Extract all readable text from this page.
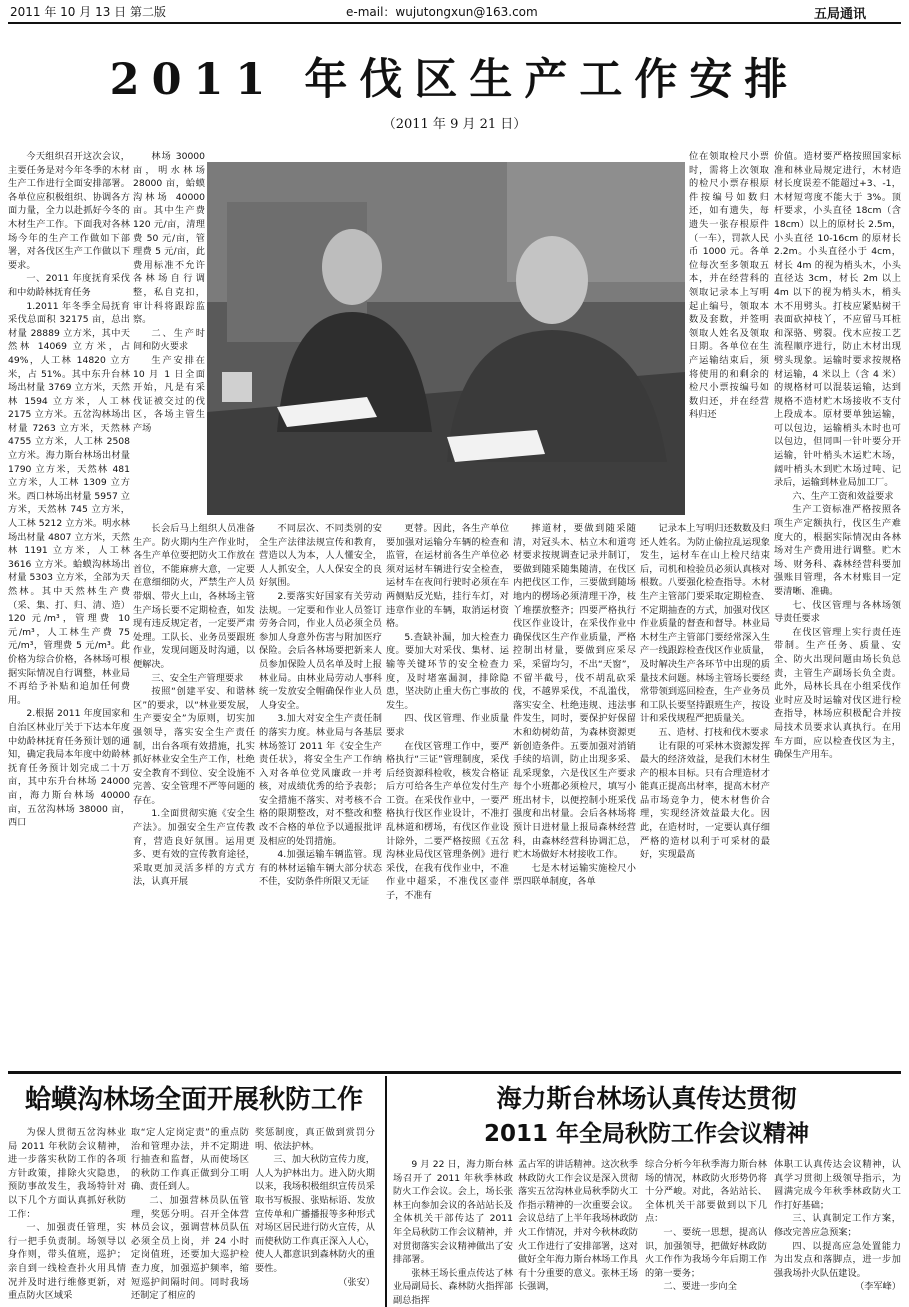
2011 年 10 月 13 日 第二版	e-mail：wujutongxun@163.com	五局通讯
2011 年伐区生产工作安排
（2011 年 9 月 21 日）

今天组织召开这次会议，主要任务是对今年冬季的木材生产工作进行全面安排部署。各单位应积极组织、协调各方面力量，全力以赴抓好今冬的木材生产工作。下面我对各林场今年的生产工作做如下部署，对各伐区生产工作做以下要求。

一、2011 年度抚育采伐和中幼龄林抚育任务

1.2011 年冬季全局抚育采伐总面积 32175 亩，总出材量 28889 立方米，其中天然林 14069 立方米，占 49%，人工林 14820 立方米，占 51%。其中东升台林场出材量 3769 立方米，天然林 1594 立方米，人工林 2175 立方米。五岔沟林场出材量 7263 立方米，天然林 4755 立方米，人工林 2508 立方米。海力斯台林场出材量 1790 立方米，天然林 481 立方米，人工林 1309 立方米。西口林场出材量 5957 立方米，天然林 745 立方米，人工林 5212 立方米。明水林场出材量 4807 立方米，天然林 1191 立方米，人工林 3616 立方米。蛤蟆沟林场出材量 5303 立方米，全部为天然林。其中天然林生产费（采、集、打、归、清、造）120 元/m³，管理费 10 元/m³，人工林生产费 75 元/m³，管理费 5 元/m³。此价格为综合价格，各林场可根据实际情况自行调整，林业局不再给予补贴和追加任何费用。

2.根据 2011 年度国家和自治区林业厅关于下达本年度中幼龄林抚育任务预计划的通知，确定我局本年度中幼龄林抚育任务预计划完成二十万亩，其中东升台林场 24000 亩，海力斯台林场 40000 亩，五岔沟林场 38000 亩，西口

林场 30000 亩，明水林场 28000 亩，蛤蟆沟林场 40000 亩。其中生产费 120 元/亩，清理费 50 元/亩，管理费 5 元/亩，此费用标准不允许各林场自行调整，私自克扣，审计科将跟踪监察。

二、生产时间和防火要求

生产安排在 10 月 1 日全面开始，凡是有采伐证被交过的伐区，各场主管生产场

长会后马上组织人员准备生产。防火期内生产作业时，各生产单位要把防火工作放在首位，不能麻痹大意，一定要在意细细防火，严禁生产人员带烟、带火上山，各林场主管生产场长要不定期检查，如发现有违反规定者，一定要严肃处理。工队长、业务员要跟班作业，发现问题及时沟通，以便解决。

三、安全生产管理要求

按照“创建平安、和谐林区”的要求，以“林业要发展，生产要安全”为原则，切实加强领导，落实安全生产责任制，出台各项有效措施，扎实抓好林业安全生产工作，杜绝安全教育不到位、安全设施不完善、安全管理不严等问题的存在。

1.全面贯彻实施《安全生产法》。加强安全生产宣传教育，营造良好氛围。运用更多、更有效的宣传教育途径，采取更加灵活多样的方式方法，认真开展

不同层次、不同类别的安全生产法律法规宣传和教育，营造以人为本，人人懂安全，人人抓安全，人人保安全的良好氛围。

2.要落实好国家有关劳动法规。一定要和作业人员签订劳务合同，作业人员必须全员参加人身意外伤害与附加医疗保险。会后各林场要把新来人员参加保险人员名单及时上报林业局。由林业局劳动人事科统一发放安全帽确保作业人员人身安全。

3.加大对安全生产责任制的落实力度。林业局与各基层林场签订 2011 年《安全生产责任状》，将安全生产工作纳入对各单位党风廉政一并考核，对成绩优秀的给予表彰；安全措施不落实、对考核不合格的限期整改，对不整改和整改不合格的单位予以通报批评及相应的处罚措施。

4.加强运输车辆监管。现有的林材运输车辆大部分状态不佳，安防条件所限又无证

更替。因此，各生产单位要加强对运输分车辆的检查和监管，在运材前各生产单位必须对运材车辆进行安全检查，运材车在夜间行驶时必须在车两侧贴反光贴，挂行车灯，对违章作业的车辆，取消运材资格。

5.查缺补漏，加大检查力度。要加大对采伐、集材、运输等关键环节的安全检查力度，及时堵塞漏洞，排除隐患，坚决防止重大伤亡事故的发生。

四、伐区管理、作业质量要求

在伐区管理工作中，要严格执行“三证”管理制度，采伐后经资源科检收，核发合格证后方可给各生产单位发付生产工资。在采伐作业中，一要严格执行伐区作业设计，不准打乱林道和楞场，有伐区作业设计除外，二要严格按照《五岔沟林业局伐区管理条例》进行采伐，在我有伐作业中，不准作业中超采，不准伐区壶伴子，不准有

摔道材，要做到随采随清，对冠头木、枯立木和道弯材要求按规调查记录并制订，要做到随采随集随清，在伐区内把伐区工作，三要做到随场地内的楞场必须清理干净，枝丫堆摆放整齐；四要严格执行伐区作业设计，在采伐作业中确保伐区生产作业质量，严格控制出材量，要做到应采尽采，采留均匀，不出“天窗”，不留半截号，伐不胡乱砍采伐，不越界采伐，不乱滥伐，落实安全、杜绝违规、违法事件发生，同时，要保护好保留木和幼树幼苗，为森林资源更新创造条件。五要加强对消销手续的培训，防止出现多采、乱采现象，六是伐区生产要求每个小班都必须检尺，填写小班出材卡，以便控制小班采伐强度和出材量。会后各林场将预计日进材量上报局森林经营科，由森林经营科协调汇总，贮木场做好木材接收工作。

七是木材运输实施检尺小票四联单制度，各单

位在领取检尺小票时，需将上次领取的检尺小票存根原件按编号如数归还，如有遗失，每遗失一张存根原件（一车），罚款人民币 1000 元。各单位每次至多领取五本，并在经营科的领取记录本上写明起止编号，领取本数及套数，并签明领取人姓名及领取日期。各单位在生产运输结束后，须将使用的和剩余的检尺小票按编号如数归还，并在经营科归还

记录本上写明归还数数及归还人姓名。为防止偷拉乱运现象发生，运材车在山上检尺结束后，司机和检验员必须认真核对根数。八要强化检查指导。木材生产主管部门要采取定期检查、不定期抽查的方式，加强对伐区作业质量的督查和督导。林业局木材生产主管部门要经常深入生产一线跟踪检查伐区作业质量，及时解决生产各环节中出现的质量技术问题。林场主管场长要经常带领到巡回检查，生产业务员和工队长要坚持跟班生产，按设计和采伐规程严把质量关。

五、造材、打枝和伐木要求

让有限的可采林木资源发挥最大的经济效益，是我们木材生产的根本目标。只有合理造材才能真正提高出材率，提高木材产品市场竞争力，使木材售价合理，实现经济效益最大化。因此，在造材时，一定要认真仔细严格的造材以利于可采材的最好，实现最高

价值。造材要严格按照国家标准和林业局规定进行，木材造材长度误差不能超过+3、-1，木材短弯度不能大于 3%。顶杆要求，小头直径 18cm（含 18cm）以上的原材长 2.5m，小头直径 10-16cm 的原材长 2.2m。小头直径小于 4cm，材长 4m 的视为梢头木，小头直径达 3cm，材长 2m 以上 4m 以下的视为梢头木，梢头木不用劈头。打枝应紧贴树干表面砍掉枝丫，不应留马耳桩和深骆、劈裂。伐木应按工艺流程顺序进行，防止木材出现劈头现象。运输时要求按规格材运输，4 米以上（含 4 米）的规格材可以混装运输，达到规格不造材贮木场接收不支付上段成本。原材要单独运输，可以包边，运输梢头木时也可以包边，但同叫一针叶要分开运输，针叶梢头木运贮木场，阔叶梢头木到贮木场过吨、记录后，运输到林业局加工厂。

六、生产工资和效益要求

生产工资标准严格按照各项生产定额执行，伐区生产难度大的，根据实际情况由各林场对生产费用进行调整。贮木场、财务科、森林经营科要加强账目管理，各木材账目一定要清晰、准确。

七、伐区管理与各林场领导责任要求

在伐区管理上实行责任连带制。生产任务、质量、安全、防火出现问题由场长负总责，主管生产副场长负全责。此外，局林长具在小组采伐作业时应及时运输对伐区进行检查指导，林场应积极配合并按局技术员要求认真执行。在用车方面，应以检查伐区为主，确保生产用车。

蛤蟆沟林场全面开展秋防工作

为保人贯彻五岔沟林业局 2011 年秋防会议精神，进一步落实秋防工作的各项方针政策，排除火灾隐患，预防事故发生，我场特针对以下几个方面认真抓好秋防工作：

一、加强责任管理，实行一把手负责制。场领导以身作则，带头值班，巡护；亲自到一线检查扑火用具情况并及时进行维修更新，对重点防火区域采

取“定人定岗定责”的重点防治和管理办法，并不定期进行抽查和监督，从而使场区的秋防工作真正做到分工明确、责任到人。

二、加强营林员队伍管理，奖惩分明。召开全体营林员会议，强调营林员队伍必须全员上岗，并 24 小时定岗值班，还要加大巡护检查力度，加强巡护频率，缩短巡护间隔时间。同时我场还制定了相应的

奖惩制度，真正做到赏罚分明、依法护林。

三、加大秋防宣传力度，人人为护林出力。进入防火期以来，我场积极组织宣传员采取书写板报、张贴标语、发放宣传单和广播播报等多种形式对场区居民进行防火宣传，从而使秋防工作真正深入人心，使人人都意识到森林防火的重要性。

（张安）

海力斯台林场认真传达贯彻
2011 年全局秋防工作会议精神

9 月 22 日，海力斯台林场召开了 2011 年秋季林政防火工作会议。会上，场长张林王向参加会议的各站站长及全体机关干部传达了 2011 年全局秋防工作会议精神，并对贯彻落实会议精神做出了安排部署。

张林王场长重点传达了林业局副局长、森林防火指挥部副总指挥

孟占军的讲话精神。这次秋季林政防火工作会议是深入贯彻落实五岔沟林业局秋季防火工作指示精神的一次重要会议。会议总结了上半年我场林政防火工作情况，并对今秋林政防火工作进行了安排部署，这对做好全年海力斯台林场工作具有十分重要的意义。张林王场长强调，

综合分析今年秋季海力斯台林场的情况，林政防火形势仍将十分严峻。对此，各站站长、全体机关干部要做到以下几点：

一、要统一思想，提高认识，加强领导，把做好林政防火工作作为我场今年后期工作的第一要务；

二、要进一步向全

体职工认真传达会议精神，认真学习贯彻上级领导指示，为圆满完成今年秋季林政防火工作打好基础；

三、认真制定工作方案，修改完善应急预案；

四、以提高应急处置能力为出发点和落脚点，进一步加强我场扑火队伍建设。

（李军峰）
